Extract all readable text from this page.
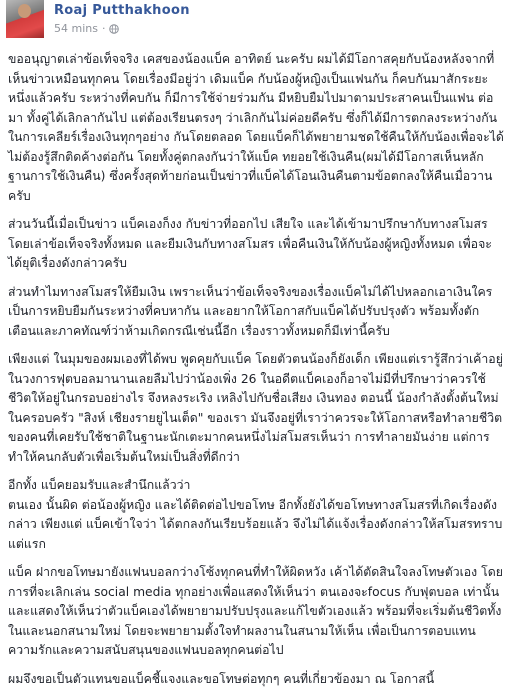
Roaj Putthakhoon
54 mins ·

ขออนุญาตเล่าข้อเท็จจริง เคสของน้องแบ็ค อาทิตย์ นะครับ ผมได้มีโอกาสคุยกับน้องหลังจากที่เห็นข่าวเหมือนทุกคน โดยเรื่องมีอยู่ว่า เดิมแบ็ค กับน้องผู้หญิงเป็นแฟนกัน ก็คบกันมาสักระยะหนึ่งแล้วครับ ระหว่างที่คบกัน ก็มีการใช้จ่ายร่วมกัน มีหยิบยืมไปมาตามประสาคนเป็นแฟน ต่อมา ทั้งคู่ได้เลิกลากันไป แต่ต้องเรียนตรงๆ ว่าเลิกกันไม่ค่อยดีครับ ซึ่งก็ได้มีการตกลงระหว่างกันในการเคลียร์เรื่องเงินทุกๆอย่าง กันโดยตลอด โดยแบ็คก็ได้พยายามชดใช้คืนให้กับน้องเพื่อจะได้ไม่ต้องรู้สึกติดค้างต่อกัน โดยทั้งคู่ตกลงกันว่าให้แบ็ค ทยอยใช้เงินคืน(ผมได้มีโอกาสเห็นหลักฐานการใช้เงินคืน) ซึ่งครั้งสุดท้ายก่อนเป็นข่าวที่แบ็คได้โอนเงินคืนตามข้อตกลงให้คืนเมื่อวานครับ

ส่วนวันนี้เมื่อเป็นข่าว แบ็คเองก็งง กับข่าวที่ออกไป เสียใจ และได้เข้ามาปรึกษากับทางสโมสร โดยเล่าข้อเท็จจริงทั้งหมด และยืมเงินกับทางสโมสร เพื่อคืนเงินให้กับน้องผู้หญิงทั้งหมด เพื่อจะได้ยุติเรื่องดังกล่าวครับ

ส่วนทำไมทางสโมสรให้ยืมเงิน เพราะเห็นว่าข้อเท็จจริงของเรื่องแบ็คไม่ได้ไปหลอกเอาเงินใคร เป็นการหยิบยืมกันระหว่างที่คบหากัน และอยากให้โอกาสกับแบ็คได้ปรับปรุงตัว พร้อมทั้งตักเตือนและภาคทัณฑ์ว่าห้ามเกิดกรณีเช่นนี้อีก เรื่องราวทั้งหมดก็มีเท่านี้ครับ

เพียงแต่ ในมุมของผมเองที่ได้พบ พูดคุยกับแบ็ค โดยตัวตนน้องก็ยังเด็ก เพียงแต่เรารู้สึกว่าเค้าอยู่ในวงการฟุตบอลมานานเลยลืมไปว่าน้องเพิ่ง 26 ในอดีตแบ็คเองก็อาจไม่มีที่ปรึกษาว่าควรใช้ชีวิตให้อยู่ในกรอบอย่างไร จึงหลงระเริง เหลิงไปกับชื่อเสียง เงินทอง ตอนนี้ น้องกำลังตั้งต้นใหม่ในครอบครัว "สิงห์ เชียงรายยูไนเต็ด" ของเรา มันจึงอยู่ที่เราว่าควรจะให้โอกาสหรือทำลายชีวิตของคนที่เคยรับใช้ชาติในฐานะนักเตะมากคนหนึ่งไม่สโมสรเห็นว่า การทำลายมันง่าย แต่การทำให้คนกลับตัวเพื่อเริ่มต้นใหม่เป็นสิ่งที่ดีกว่า

อีกทั้ง แบ็คยอมรับและสำนึกแล้วว่า
ตนเอง นั้นผิด ต่อน้องผู้หญิง และได้ติดต่อไปขอโทษ อีกทั้งยังได้ขอโทษทางสโมสรที่เกิดเรื่องดังกล่าว เพียงแต่ แบ็คเข้าใจว่า ได้ตกลงกันเรียบร้อยแล้ว จึงไม่ได้แจ้งเรื่องดังกล่าวให้สโมสรทราบแต่แรก

แบ็ค ฝากขอโทษมายังแฟนบอลกว่างโซ้งทุกคนที่ทำให้ผิดหวัง เค้าได้ตัดสินใจลงโทษตัวเอง โดยการที่จะเลิกเล่น social media ทุกอย่างเพื่อแสดงให้เห็นว่า ตนเองจะfocus กับฟุตบอล เท่านั้น และแสดงให้เห็นว่าตัวแบ็คเองได้พยายามปรับปรุงและแก้ไขตัวเองแล้ว พร้อมที่จะเริ่มต้นชีวิตทั้งในและนอกสนามใหม่ โดยจะพยายามตั้งใจทำผลงานในสนามให้เห็น เพื่อเป็นการตอบแทนความรักและความสนับสนุนของแฟนบอลทุกคนต่อไป

ผมจึงขอเป็นตัวแทนขอแบ็คชี้แจงและขอโทษต่อทุกๆ คนที่เกี่ยวข้องมา ณ โอกาสนี้
